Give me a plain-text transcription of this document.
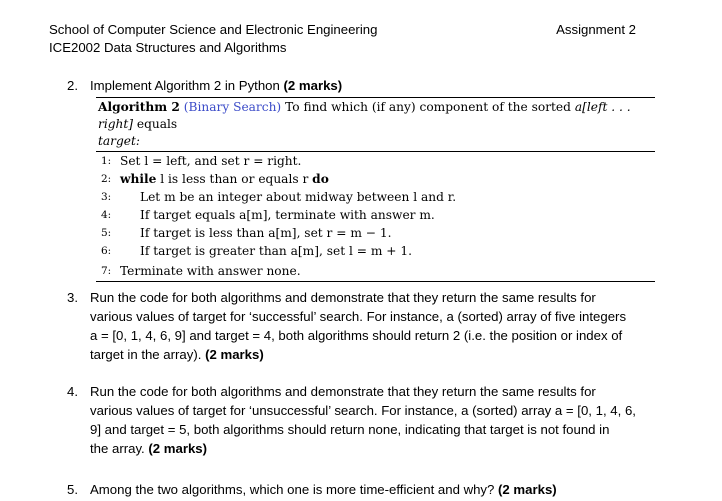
School of Computer Science and Electronic Engineering
ICE2002 Data Structures and Algorithms
Assignment 2
2. Implement Algorithm 2 in Python (2 marks)
Algorithm 2 (Binary Search) To find which (if any) component of the sorted a[left . . . right] equals
target:
1: Set l = left, and set r = right.
2: while l is less than or equals r do
3: Let m be an integer about midway between l and r.
4: If target equals a[m], terminate with answer m.
5: If target is less than a[m], set r = m − 1.
6: If target is greater than a[m], set l = m + 1.
7: Terminate with answer none.
3. Run the code for both algorithms and demonstrate that they return the same results for
various values of target for ‘successful’ search. For instance, a (sorted) array of five integers
a = [0, 1, 4, 6, 9] and target = 4, both algorithms should return 2 (i.e. the position or index of
target in the array). (2 marks)
4. Run the code for both algorithms and demonstrate that they return the same results for
various values of target for ‘unsuccessful’ search. For instance, a (sorted) array a = [0, 1, 4, 6,
9] and target = 5, both algorithms should return none, indicating that target is not found in
the array. (2 marks)
5. Among the two algorithms, which one is more time-efficient and why? (2 marks)
